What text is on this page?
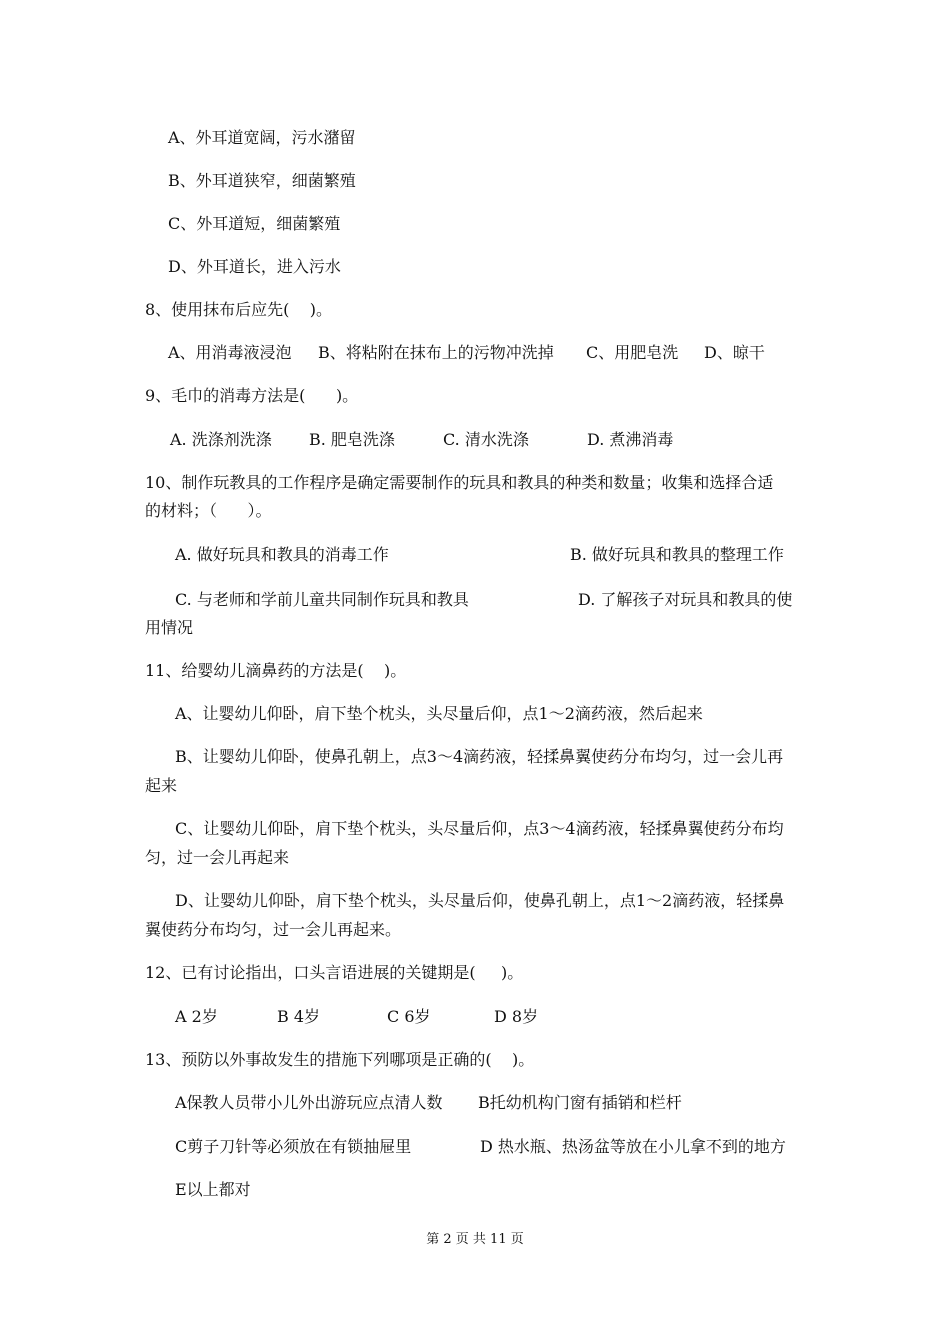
A、外耳道宽阔，污水潴留
B、外耳道狭窄，细菌繁殖
C、外耳道短，细菌繁殖
D、外耳道长，进入污水
8、使用抹布后应先(    )。
A、用消毒液浸泡 B、将粘附在抹布上的污物冲洗掉 C、用肥皂洗 D、晾干
9、毛巾的消毒方法是(      )。
A. 洗涤剂洗涤 B. 肥皂洗涤	C. 清水洗涤	D. 煮沸消毒
10、制作玩教具的工作程序是确定需要制作的玩具和教具的种类和数量；收集和选择合适
的材料；（      ）。
A. 做好玩具和教具的消毒工作	B. 做好玩具和教具的整理工作
C. 与老师和学前儿童共同制作玩具和教具	D. 了解孩子对玩具和教具的使
用情况
11、给婴幼儿滴鼻药的方法是(    )。
A、让婴幼儿仰卧，肩下垫个枕头，头尽量后仰，点1～2滴药液，然后起来
B、让婴幼儿仰卧，使鼻孔朝上，点3～4滴药液，轻揉鼻翼使药分布均匀，过一会儿再
起来
C、让婴幼儿仰卧，肩下垫个枕头，头尽量后仰，点3～4滴药液，轻揉鼻翼使药分布均
匀，过一会儿再起来
D、让婴幼儿仰卧，肩下垫个枕头，头尽量后仰，使鼻孔朝上，点1～2滴药液，轻揉鼻
翼使药分布均匀，过一会儿再起来。
12、已有讨论指出，口头言语进展的关键期是(     )。
A 2岁	B 4岁	C 6岁	D 8岁
13、预防以外事故发生的措施下列哪项是正确的(    )。
A保教人员带小儿外出游玩应点清人数 B托幼机构门窗有插销和栏杆
C剪子刀针等必须放在有锁抽屉里	D 热水瓶、热汤盆等放在小儿拿不到的地方
E以上都对
第 2 页 共 11 页
